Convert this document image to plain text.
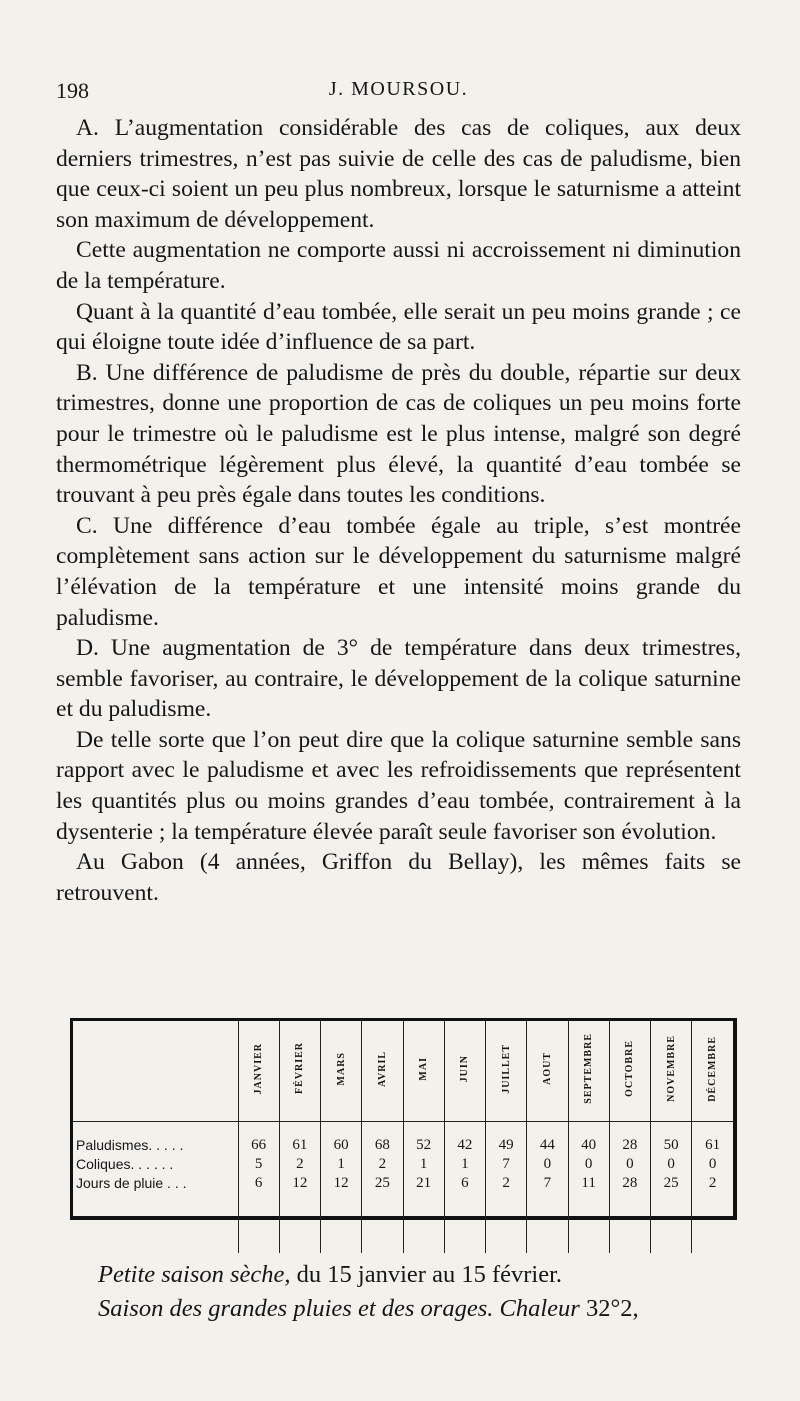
198	J. MOURSOU.

A. L’augmentation considérable des cas de coliques, aux deux derniers trimestres, n’est pas suivie de celle des cas de paludisme, bien que ceux-ci soient un peu plus nombreux, lorsque le saturnisme a atteint son maximum de développement.

Cette augmentation ne comporte aussi ni accroissement ni diminution de la température.

Quant à la quantité d’eau tombée, elle serait un peu moins grande ; ce qui éloigne toute idée d’influence de sa part.

B. Une différence de paludisme de près du double, répartie sur deux trimestres, donne une proportion de cas de coliques un peu moins forte pour le trimestre où le paludisme est le plus intense, malgré son degré thermométrique légèrement plus élevé, la quantité d’eau tombée se trouvant à peu près égale dans toutes les conditions.

C. Une différence d’eau tombée égale au triple, s’est montrée complètement sans action sur le développement du saturnisme malgré l’élévation de la température et une intensité moins grande du paludisme.

D. Une augmentation de 3° de température dans deux trimestres, semble favoriser, au contraire, le développement de la colique saturnine et du paludisme.

De telle sorte que l’on peut dire que la colique saturnine semble sans rapport avec le paludisme et avec les refroidissements que représentent les quantités plus ou moins grandes d’eau tombée, contrairement à la dysenterie ; la température élevée paraît seule favoriser son évolution.

Au Gabon (4 années, Griffon du Bellay), les mêmes faits se retrouvent.

	JANVIER	FÉVRIER	MARS	AVRIL	MAI	JUIN	JUILLET	AOUT	SEPTEMBRE	OCTOBRE	NOVEMBRE	DÉCEMBRE
Paludismes. . . . .	66	61	60	68	52	42	49	44	40	28	50	61
Coliques. . . . . .	5	2	1	2	1	1	7	0	0	0	0	0
Jours de pluie . . .	6	12	12	25	21	6	2	7	11	28	25	2

Petite saison sèche, du 15 janvier au 15 février.
Saison des grandes pluies et des orages. Chaleur 32°2,
